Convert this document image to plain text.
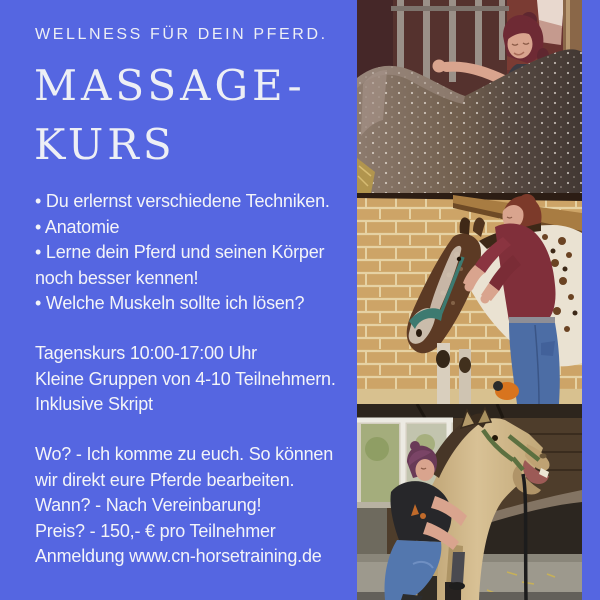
WELLNESS FÜR DEIN PFERD.
MASSAGE-
KURS
• Du erlernst verschiedene Techniken.
• Anatomie
• Lerne dein Pferd und seinen Körper
noch besser kennen!
• Welche Muskeln sollte ich lösen?
Tagenskurs 10:00-17:00 Uhr
Kleine Gruppen von 4-10 Teilnehmern.
Inklusive Skript
Wo? - Ich komme zu euch. So können
wir direkt eure Pferde bearbeiten.
Wann? - Nach Vereinbarung!
Preis? - 150,- € pro Teilnehmer
Anmeldung www.cn-horsetraining.de
